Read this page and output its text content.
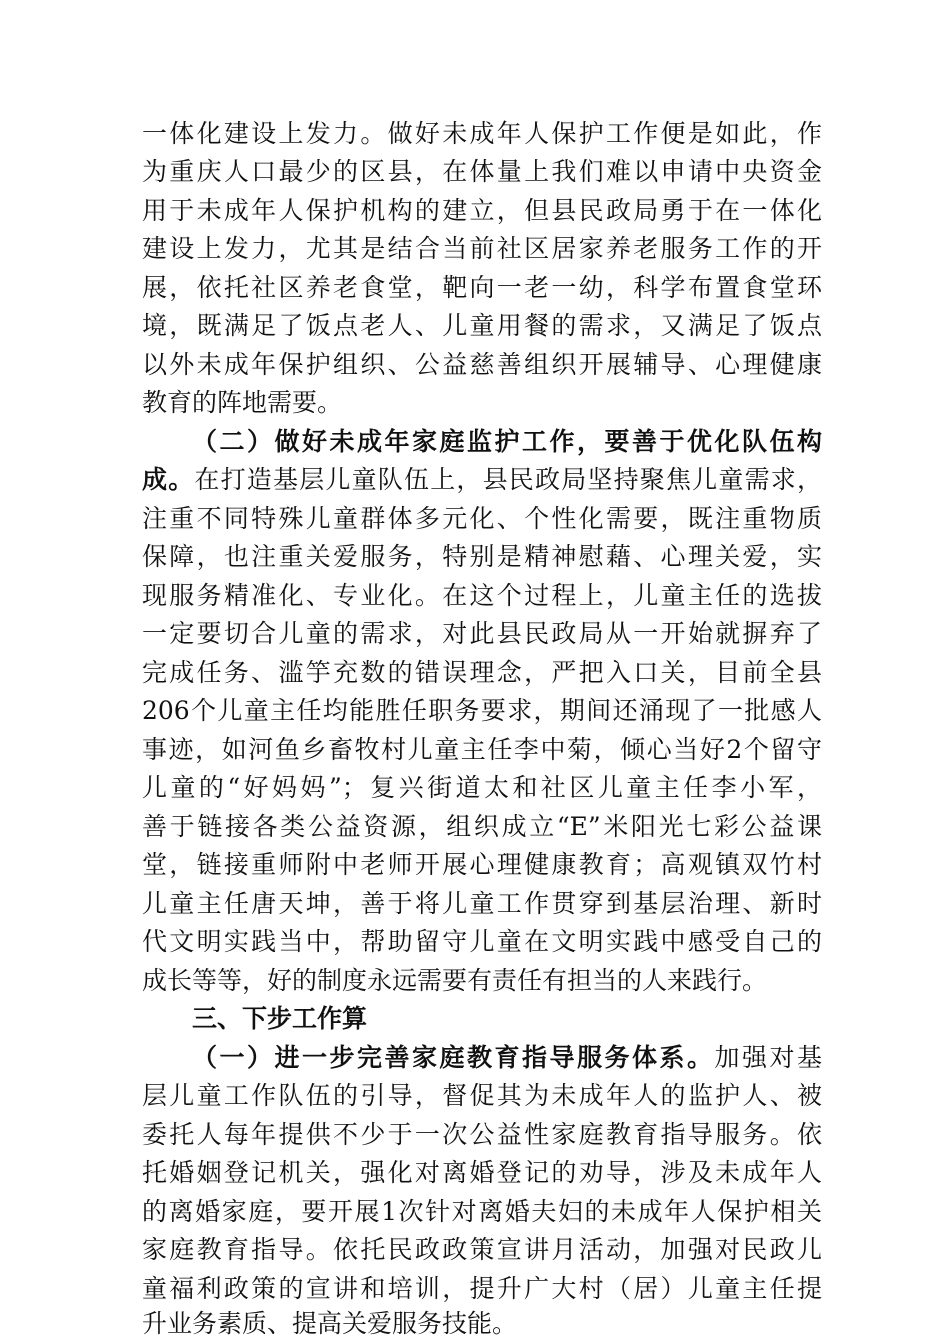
一体化建设上发力。做好未成年人保护工作便是如此，作
为重庆人口最少的区县，在体量上我们难以申请中央资金
用于未成年人保护机构的建立，但县民政局勇于在一体化
建设上发力，尤其是结合当前社区居家养老服务工作的开
展，依托社区养老食堂，靶向一老一幼，科学布置食堂环
境，既满足了饭点老人、儿童用餐的需求，又满足了饭点
以外未成年保护组织、公益慈善组织开展辅导、心理健康
教育的阵地需要。
（二）做好未成年家庭监护工作，要善于优化队伍构
成。在打造基层儿童队伍上，县民政局坚持聚焦儿童需求，
注重不同特殊儿童群体多元化、个性化需要，既注重物质
保障，也注重关爱服务，特别是精神慰藉、心理关爱，实
现服务精准化、专业化。在这个过程上，儿童主任的选拔
一定要切合儿童的需求，对此县民政局从一开始就摒弃了
完成任务、滥竽充数的错误理念，严把入口关，目前全县
206个儿童主任均能胜任职务要求，期间还涌现了一批感人
事迹，如河鱼乡畜牧村儿童主任李中菊，倾心当好2个留守
儿童的“好妈妈”；复兴街道太和社区儿童主任李小军，
善于链接各类公益资源，组织成立“E”米阳光七彩公益课
堂，链接重师附中老师开展心理健康教育；高观镇双竹村
儿童主任唐天坤，善于将儿童工作贯穿到基层治理、新时
代文明实践当中，帮助留守儿童在文明实践中感受自己的
成长等等，好的制度永远需要有责任有担当的人来践行。
三、下步工作算
（一）进一步完善家庭教育指导服务体系。加强对基
层儿童工作队伍的引导，督促其为未成年人的监护人、被
委托人每年提供不少于一次公益性家庭教育指导服务。依
托婚姻登记机关，强化对离婚登记的劝导，涉及未成年人
的离婚家庭，要开展1次针对离婚夫妇的未成年人保护相关
家庭教育指导。依托民政政策宣讲月活动，加强对民政儿
童福利政策的宣讲和培训，提升广大村（居）儿童主任提
升业务素质、提高关爱服务技能。
